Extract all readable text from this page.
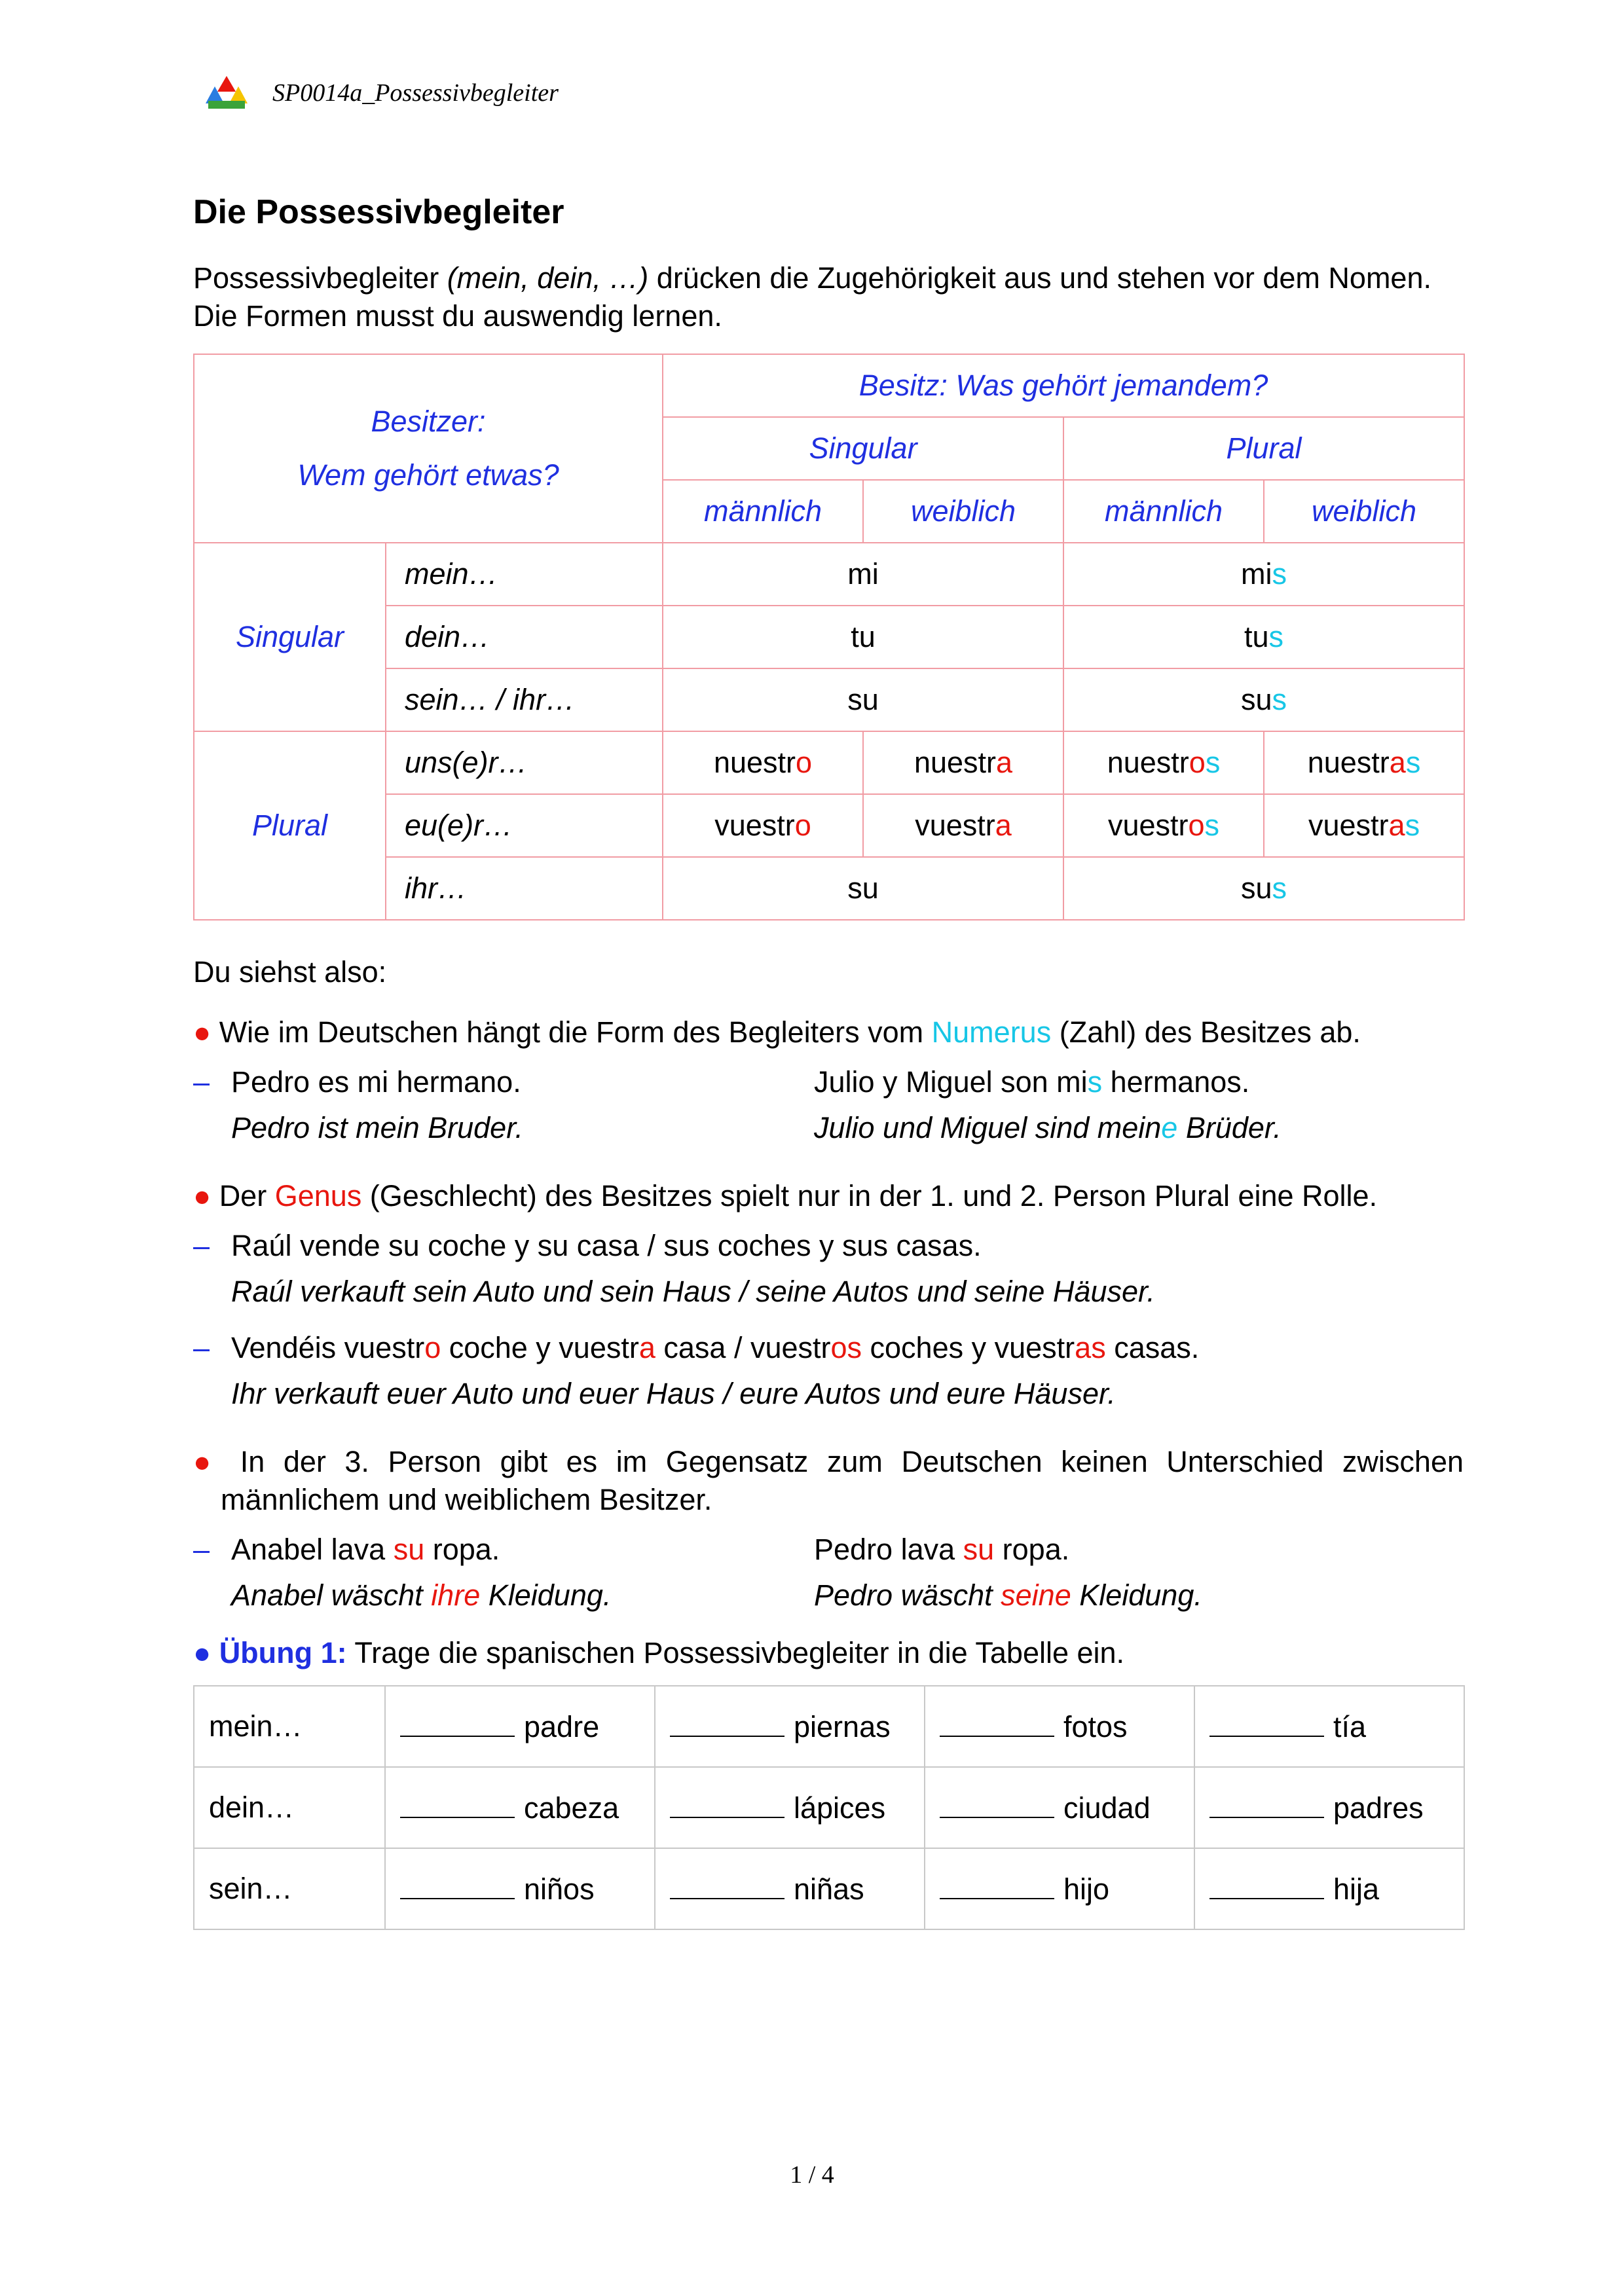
SP0014a_Possessivbegleiter
Die Possessivbegleiter

Possessivbegleiter (mein, dein, …) drücken die Zugehörigkeit aus und stehen vor dem Nomen. Die Formen musst du auswendig lernen.

Besitzer:
Wem gehört etwas?		Besitz: Was gehört jemandem?			
		Singular		Plural	
		männlich	weiblich	männlich	weiblich
Singular	mein…	mi		mis	
	dein…	tu		tus	
	sein… / ihr…	su		sus	
Plural	uns(e)r…	nuestro	nuestra	nuestros	nuestras
	eu(e)r…	vuestro	vuestra	vuestros	vuestras
	ihr…	su		sus	

Du siehst also:

● Wie im Deutschen hängt die Form des Begleiters vom Numerus (Zahl) des Besitzes ab.

– Pedro es mi hermano.
Pedro ist mein Bruder.
Julio y Miguel son mis hermanos.
Julio und Miguel sind meine Brüder.

● Der Genus (Geschlecht) des Besitzes spielt nur in der 1. und 2. Person Plural eine Rolle.

– Raúl vende su coche y su casa / sus coches y sus casas.
Raúl verkauft sein Auto und sein Haus / seine Autos und seine Häuser.
– Vendéis vuestro coche y vuestra casa / vuestros coches y vuestras casas.
Ihr verkauft euer Auto und euer Haus / eure Autos und eure Häuser.

● In der 3. Person gibt es im Gegensatz zum Deutschen keinen Unterschied zwischen männlichem und weiblichem Besitzer.

– Anabel lava su ropa.
Anabel wäscht ihre Kleidung.
Pedro lava su ropa.
Pedro wäscht seine Kleidung.

● Übung 1: Trage die spanischen Possessivbegleiter in die Tabelle ein.

mein…	padre	piernas	fotos	tía
dein…	cabeza	lápices	ciudad	padres
sein…	niños	niñas	hijo	hija
1 / 4
